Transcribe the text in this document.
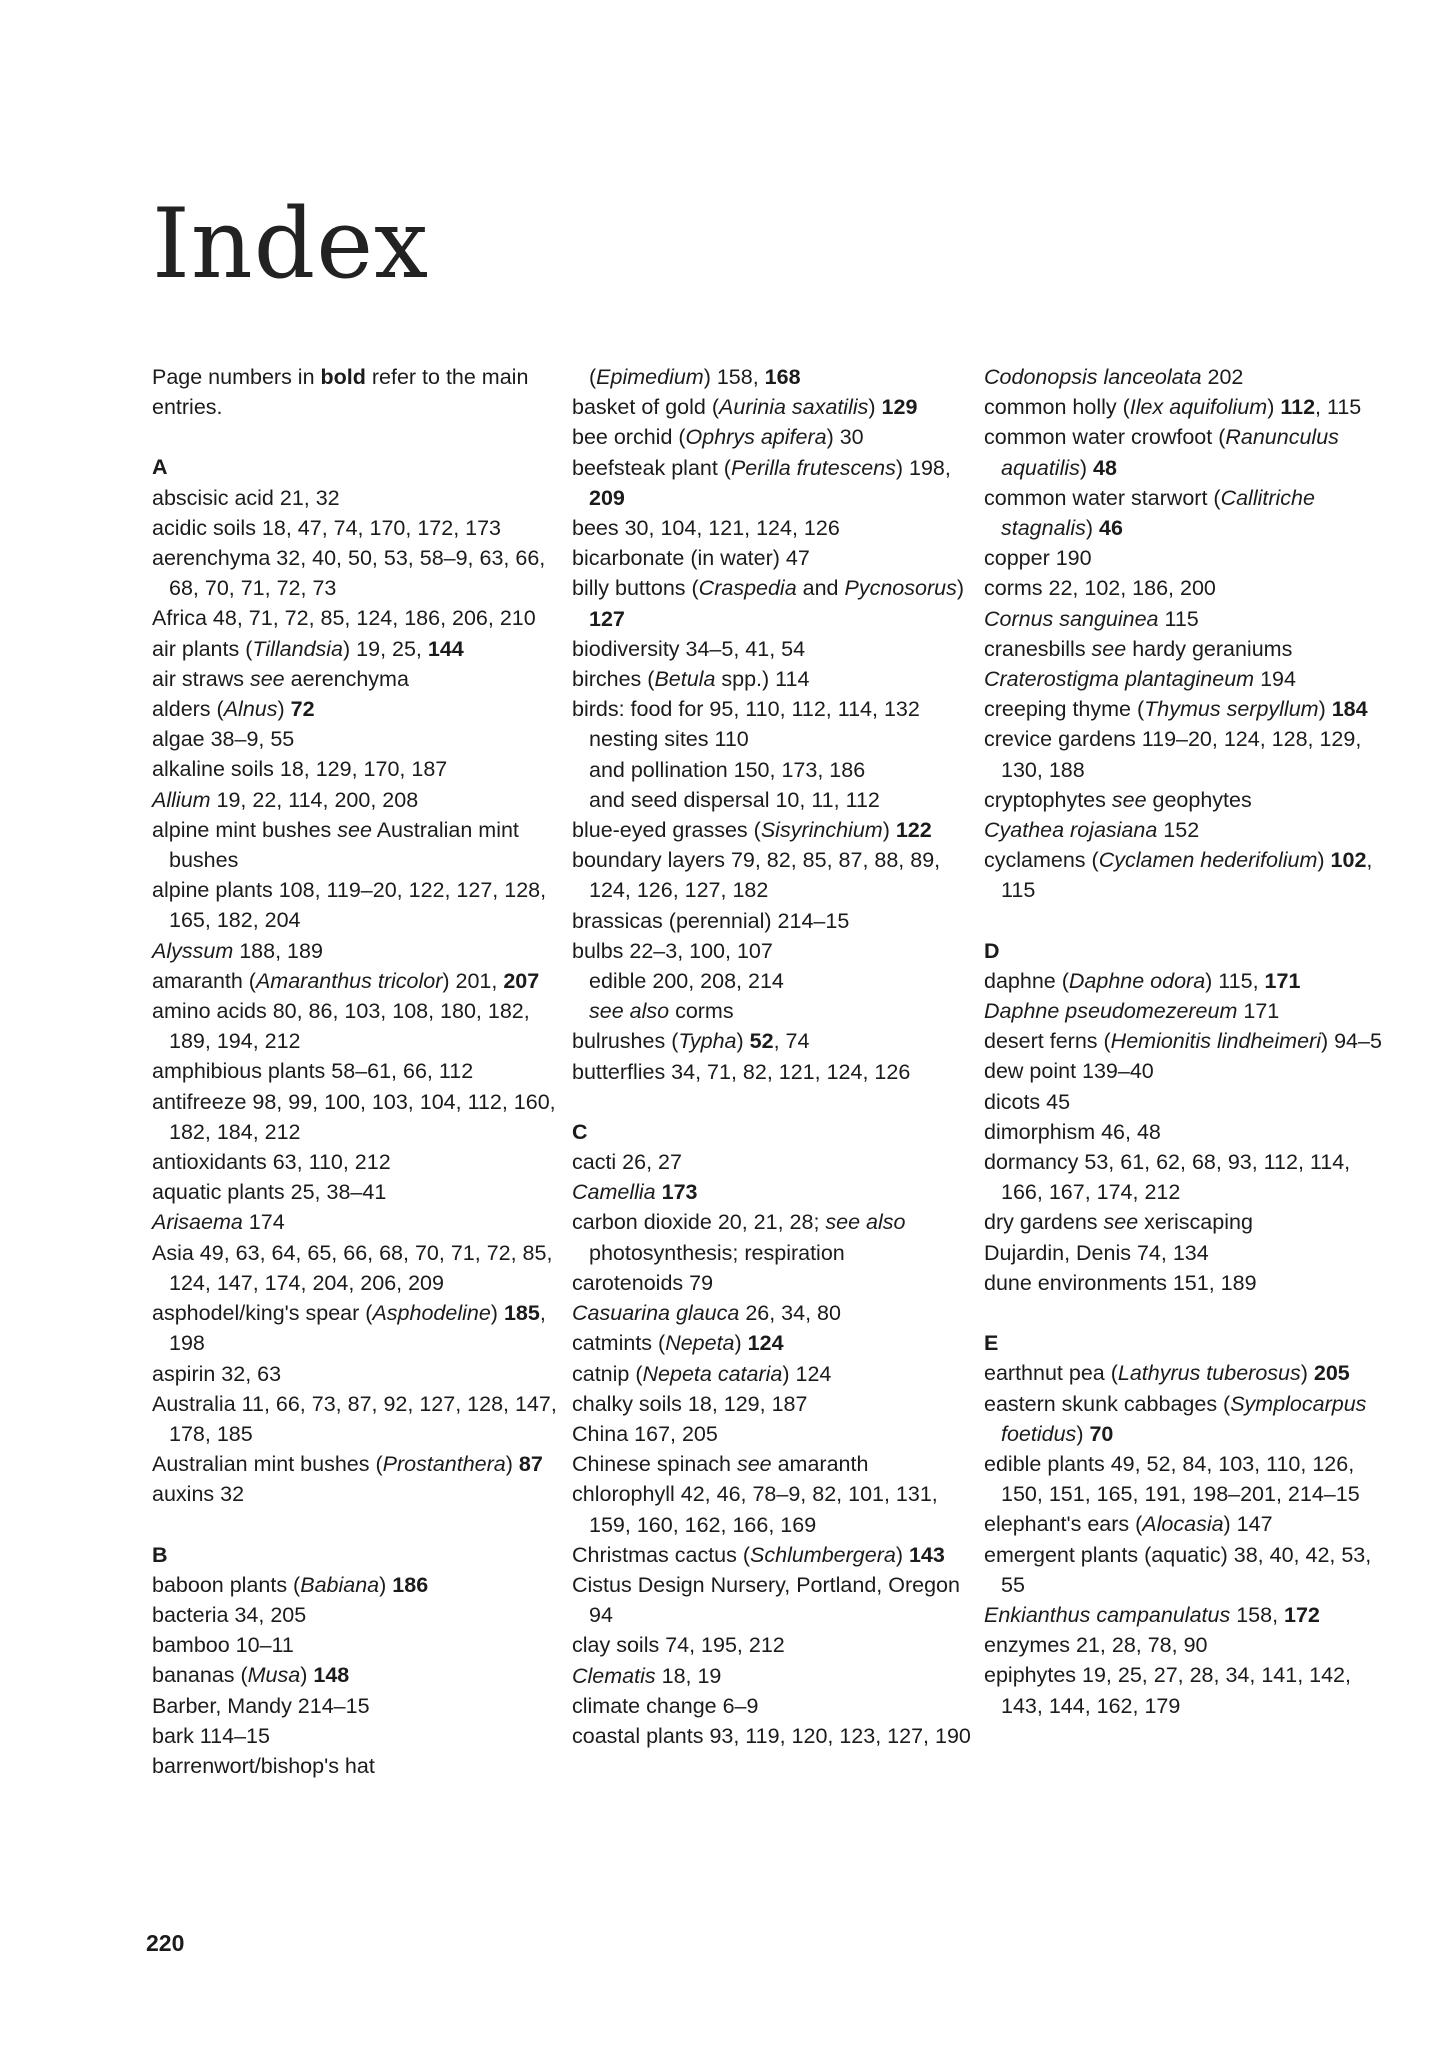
Index

Page numbers in bold refer to the main entries.

A

abscisic acid 21, 32

acidic soils 18, 47, 74, 170, 172, 173

aerenchyma 32, 40, 50, 53, 58–9, 63, 66, 68, 70, 71, 72, 73

Africa 48, 71, 72, 85, 124, 186, 206, 210

air plants (Tillandsia) 19, 25, 144

air straws see aerenchyma

alders (Alnus) 72

algae 38–9, 55

alkaline soils 18, 129, 170, 187

Allium 19, 22, 114, 200, 208

alpine mint bushes see Australian mint bushes

alpine plants 108, 119–20, 122, 127, 128, 165, 182, 204

Alyssum 188, 189

amaranth (Amaranthus tricolor) 201, 207

amino acids 80, 86, 103, 108, 180, 182, 189, 194, 212

amphibious plants 58–61, 66, 112

antifreeze 98, 99, 100, 103, 104, 112, 160, 182, 184, 212

antioxidants 63, 110, 212

aquatic plants 25, 38–41

Arisaema 174

Asia 49, 63, 64, 65, 66, 68, 70, 71, 72, 85, 124, 147, 174, 204, 206, 209

asphodel/king's spear (Asphodeline) 185, 198

aspirin 32, 63

Australia 11, 66, 73, 87, 92, 127, 128, 147, 178, 185

Australian mint bushes (Prostanthera) 87

auxins 32

B

baboon plants (Babiana) 186

bacteria 34, 205

bamboo 10–11

bananas (Musa) 148

Barber, Mandy 214–15

bark 114–15

barrenwort/bishop's hat

(Epimedium) 158, 168

basket of gold (Aurinia saxatilis) 129

bee orchid (Ophrys apifera) 30

beefsteak plant (Perilla frutescens) 198, 209

bees 30, 104, 121, 124, 126

bicarbonate (in water) 47

billy buttons (Craspedia and Pycnosorus) 127

biodiversity 34–5, 41, 54

birches (Betula spp.) 114

birds: food for 95, 110, 112, 114, 132

nesting sites 110

and pollination 150, 173, 186

and seed dispersal 10, 11, 112

blue-eyed grasses (Sisyrinchium) 122

boundary layers 79, 82, 85, 87, 88, 89, 124, 126, 127, 182

brassicas (perennial) 214–15

bulbs 22–3, 100, 107

edible 200, 208, 214

see also corms

bulrushes (Typha) 52, 74

butterflies 34, 71, 82, 121, 124, 126

C

cacti 26, 27

Camellia 173

carbon dioxide 20, 21, 28; see also photosynthesis; respiration

carotenoids 79

Casuarina glauca 26, 34, 80

catmints (Nepeta) 124

catnip (Nepeta cataria) 124

chalky soils 18, 129, 187

China 167, 205

Chinese spinach see amaranth

chlorophyll 42, 46, 78–9, 82, 101, 131, 159, 160, 162, 166, 169

Christmas cactus (Schlumbergera) 143

Cistus Design Nursery, Portland, Oregon 94

clay soils 74, 195, 212

Clematis 18, 19

climate change 6–9

coastal plants 93, 119, 120, 123, 127, 190

Codonopsis lanceolata 202

common holly (Ilex aquifolium) 112, 115

common water crowfoot (Ranunculus aquatilis) 48

common water starwort (Callitriche stagnalis) 46

copper 190

corms 22, 102, 186, 200

Cornus sanguinea 115

cranesbills see hardy geraniums

Craterostigma plantagineum 194

creeping thyme (Thymus serpyllum) 184

crevice gardens 119–20, 124, 128, 129, 130, 188

cryptophytes see geophytes

Cyathea rojasiana 152

cyclamens (Cyclamen hederifolium) 102, 115

D

daphne (Daphne odora) 115, 171

Daphne pseudomezereum 171

desert ferns (Hemionitis lindheimeri) 94–5

dew point 139–40

dicots 45

dimorphism 46, 48

dormancy 53, 61, 62, 68, 93, 112, 114, 166, 167, 174, 212

dry gardens see xeriscaping

Dujardin, Denis 74, 134

dune environments 151, 189

E

earthnut pea (Lathyrus tuberosus) 205

eastern skunk cabbages (Symplocarpus foetidus) 70

edible plants 49, 52, 84, 103, 110, 126, 150, 151, 165, 191, 198–201, 214–15

elephant's ears (Alocasia) 147

emergent plants (aquatic) 38, 40, 42, 53, 55

Enkianthus campanulatus 158, 172

enzymes 21, 28, 78, 90

epiphytes 19, 25, 27, 28, 34, 141, 142, 143, 144, 162, 179

220
